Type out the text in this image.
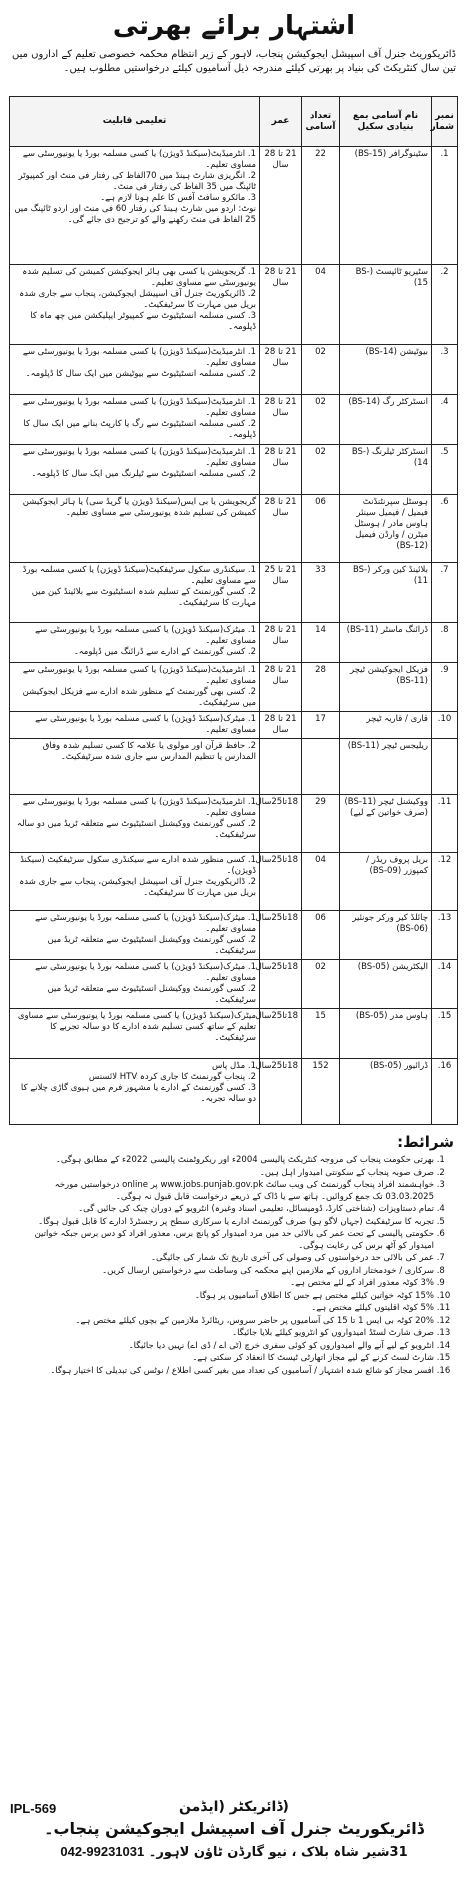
اشتہار برائے بھرتی
ڈائریکوریٹ جنرل آف اسپیشل ایجوکیشن پنجاب، لاہور کے زیر انتظام محکمہ خصوصی تعلیم کے اداروں میں تین سال کنٹریکٹ کی بنیاد پر بھرتی کیلئے مندرجہ ذیل آسامیوں کیلئے درخواستیں مطلوب ہیں۔
نمبر شمار	نام آسامی بمع بنیادی سکیل	تعداد آسامی	عمر	تعلیمی قابلیت
1.	سٹینوگرافر (BS-15)	22	21 تا 28 سال	1. انٹرمیڈیٹ(سیکنڈ ڈویژن) یا کسی مسلمہ بورڈ یا یونیورسٹی سے مساوی تعلیم۔
2. انگریزی شارٹ ہینڈ میں 70الفاظ کی رفتار فی منٹ اور کمپیوٹر ٹائپنگ میں 35 الفاظ کی رفتار فی منٹ۔
3. مائکرو سافٹ آفس کا علم ہونا لازم ہے۔
نوٹ: اردو میں شارٹ ہینڈ کی رفتار 60 فی منٹ اور اردو ٹائپنگ میں 25 الفاظ فی منٹ رکھنے والے کو ترجیح دی جائے گی۔

2.	سٹیریو ٹائپسٹ (BS-15)	04	21 تا 28 سال	1. گریجویشن یا کسی بھی ہائر ایجوکیشن کمیشن کی تسلیم شدہ یونیورسٹی سے مساوی تعلیم۔
2. ڈائریکوریٹ جنرل آف اسپیشل ایجوکیشن، پنجاب سے جاری شدہ بریل میں مہارت کا سرٹیفکیٹ۔
3. کسی مسلمہ انسٹیٹیوٹ سے کمپیوٹر ایپلیکشن میں چھ ماہ کا ڈپلومہ۔

3.	بیوٹیشن (BS-14)	02	21 تا 28 سال	1. انٹرمیڈیٹ(سیکنڈ ڈویژن) یا کسی مسلمہ بورڈ یا یونیورسٹی سے مساوی تعلیم۔
2. کسی مسلمہ انسٹیٹیوٹ سے بیوٹیشن میں ایک سال کا ڈپلومہ۔

4.	انسٹرکٹر رگ (BS-14)	02	21 تا 28 سال	1. انٹرمیڈیٹ(سیکنڈ ڈویژن) یا کسی مسلمہ بورڈ یا یونیورسٹی سے مساوی تعلیم۔
2. کسی مسلمہ انسٹیٹیوٹ سے رگ یا کارپٹ بنانے میں ایک سال کا ڈپلومہ۔

5.	انسٹرکٹر ٹیلرنگ (BS-14)	02	21 تا 28 سال	1. انٹرمیڈیٹ(سیکنڈ ڈویژن) یا کسی مسلمہ بورڈ یا یونیورسٹی سے مساوی تعلیم۔
2. کسی مسلمہ انسٹیٹیوٹ سے ٹیلرنگ میں ایک سال کا ڈپلومہ۔

6.	ہوسٹل سپرنٹنڈنٹ فیمیل / فیمیل سینئر ہاوس مادر / ہوسٹل میٹرن / وارڈن فیمیل (BS-12)	06	21 تا 28 سال	گریجویشن یا بی ایس(سیکنڈ ڈویژن یا گریڈ سی) یا ہائر ایجوکیشن کمیشن کی تسلیم شدہ یونیورسٹی سے مساوی تعلیم۔

7.	بلائینڈ کین ورکر (BS-11)	33	21 تا 25 سال	1. سیکنڈری سکول سرٹیفکیٹ(سیکنڈ ڈویژن) یا کسی مسلمہ بورڈ سے مساوی تعلیم۔
2. کسی گورنمنٹ کے تسلیم شدہ انسٹیٹیوٹ سے بلائینڈ کین میں مہارت کا سرٹیفکیٹ۔

8.	ڈرائنگ ماسٹر (BS-11)	14	21 تا 28 سال	1. میٹرک(سیکنڈ ڈویژن) یا کسی مسلمہ بورڈ یا یونیورسٹی سے مساوی تعلیم۔
2. کسی گورنمنٹ کے ادارے سے ڈرائنگ میں ڈپلومہ۔

9.	فزیکل ایجوکیشن ٹیچر (BS-11)	28	21 تا 28 سال	1. انٹرمیڈیٹ(سیکنڈ ڈویژن) یا کسی مسلمہ بورڈ یا یونیورسٹی سے مساوی تعلیم۔
2. کسی بھی گورنمنٹ کے منظور شدہ ادارے سے فزیکل ایجوکیشن میں سرٹیفکیٹ۔

10.	قاری / قاریہ ٹیچر	17	21 تا 28 سال	1. میٹرک(سیکنڈ ڈویژن) یا کسی مسلمہ بورڈ یا یونیورسٹی سے مساوی تعلیم۔

	ریلیجس ٹیچر (BS-11)			2. حافظ قرآن اور مولوی یا علامہ کا کسی تسلیم شدہ وفاق المدارس یا تنظیم المدارس سے جاری شدہ سرٹیفکیٹ۔

11.	ووکیشنل ٹیچر (BS-11) (صرف خواتین کے لیے)	29	18تا25سال	1. انٹرمیڈیٹ(سیکنڈ ڈویژن) یا کسی مسلمہ بورڈ یا یونیورسٹی سے مساوی تعلیم۔
2. کسی گورنمنٹ ووکیشنل انسٹیٹیوٹ سے متعلقہ ٹریڈ میں دو سالہ سرٹیفکیٹ۔

12.	بریل پروف ریڈر / کمپوزر (BS-09)	04	18تا25سال	1. کسی منظور شدہ ادارے سے سیکنڈری سکول سرٹیفکیٹ (سیکنڈ ڈویژن)۔
2. ڈائریکوریٹ جنرل آف اسپیشل ایجوکیشن، پنجاب سے جاری شدہ بریل میں مہارت کا سرٹیفکیٹ۔

13.	چائلڈ کیر ورکر جونئیر (BS-06)	06	18تا25سال	1. میٹرک(سیکنڈ ڈویژن) یا کسی مسلمہ بورڈ یا یونیورسٹی سے مساوی تعلیم۔
2. کسی گورنمنٹ ووکیشنل انسٹیٹیوٹ سے متعلقہ ٹریڈ میں سرٹیفکیٹ۔

14.	الیکٹریشن (BS-05)	02	18تا25سال	1. میٹرک(سیکنڈ ڈویژن) یا کسی مسلمہ بورڈ یا یونیورسٹی سے مساوی تعلیم۔
2. کسی گورنمنٹ ووکیشنل انسٹیٹیوٹ سے متعلقہ ٹریڈ میں سرٹیفکیٹ۔

15.	ہاوس مدر (BS-05)	15	18تا25سال	میٹرک(سیکنڈ ڈویژن) یا کسی مسلمہ بورڈ یا یونیورسٹی سے مساوی تعلیم کے ساتھ کسی تسلیم شدہ ادارے کا دو سالہ تجربے کا سرٹیفکیٹ۔

16.	ڈرائیور (BS-05)	152	18تا25سال	1. مڈل پاس
2. پنجاب گورنمنٹ کا جاری کردہ HTV لائسنس
3. کسی گورنمنٹ کے ادارے یا مشہور فرم میں ہیوی گاڑی چلانے کا دو سالہ تجربہ۔
شرائط:
1. بھرتی حکومت پنجاب کی مروجہ کنٹریکٹ پالیسی 2004ء اور ریکروٹمنٹ پالیسی 2022ء کے مطابق ہوگی۔
2. صرف صوبہ پنجاب کے سکونتی امیدوار اہل ہیں۔
3. خواہشمند افراد پنجاب گورنمنٹ کی ویب سائٹ www.jobs.punjab.gov.pk پر online درخواستیں مورخہ 03.03.2025 تک جمع کروائیں۔ ہاتھ سے یا ڈاک کے ذریعے درخواست قابل قبول نہ ہوگی۔
4. تمام دستاویزات (شناختی کارڈ، ڈومیسائل، تعلیمی اسناد وغیرہ) انٹرویو کے دوران چیک کی جائیں گی۔
5. تجربہ کا سرٹیفکیٹ (جہاں لاگو ہو) صرف گورنمنٹ ادارے یا سرکاری سطح پر رجسٹرڈ ادارے کا قابل قبول ہوگا۔
6. حکومتی پالیسی کے تحت عمر کی بالائی حد میں مرد امیدوار کو پانچ برس، معذور افراد کو دس برس جبکہ خواتین امیدوار کو آٹھ برس کی رعایت ہوگی۔
7. عمر کی بالائی حد درخواستوں کی وصولی کی آخری تاریخ تک شمار کی جائیگی۔
8. سرکاری / خودمختار اداروں کے ملازمین اپنے محکمہ کی وساطت سے درخواستیں ارسال کریں۔
9. 3% کوٹہ معذور افراد کے لئے مختص ہے۔
10. 15% کوٹہ خواتین کیلئے مختص ہے جس کا اطلاق آسامیوں پر ہوگا۔
11. 5% کوٹہ اقلیتوں کیلئے مختص ہے۔
12. 20% کوٹہ بی ایس 1 تا 15 کی آسامیوں پر حاضر سروس، ریٹائرڈ ملازمین کے بچوں کیلئے مختص ہے۔
13. صرف شارٹ لسٹڈ امیدواروں کو انٹرویو کیلئے بلایا جائیگا۔
14. انٹرویو کے لیے آنے والے امیدواروں کو کوئی سفری خرچ (ٹی اے / ڈی اے) نہیں دیا جائیگا۔
15. شارٹ لسٹ کرنے کے لیے مجاز اتھارٹی ٹیسٹ کا انعقاد کر سکتی ہے۔
16. افسر مجاز کو شائع شدہ اشتہار / آسامیوں کی تعداد میں بغیر کسی اطلاع / نوٹس کی تبدیلی کا اختیار ہوگا۔
IPL-569	(ڈائریکٹر (ایڈمن
ڈائریکوریٹ جنرل آف اسپیشل ایجوکیشن پنجاب۔
31شیر شاہ بلاک ، نیو گارڈن ٹاؤن لاہور۔ 042-99231031
